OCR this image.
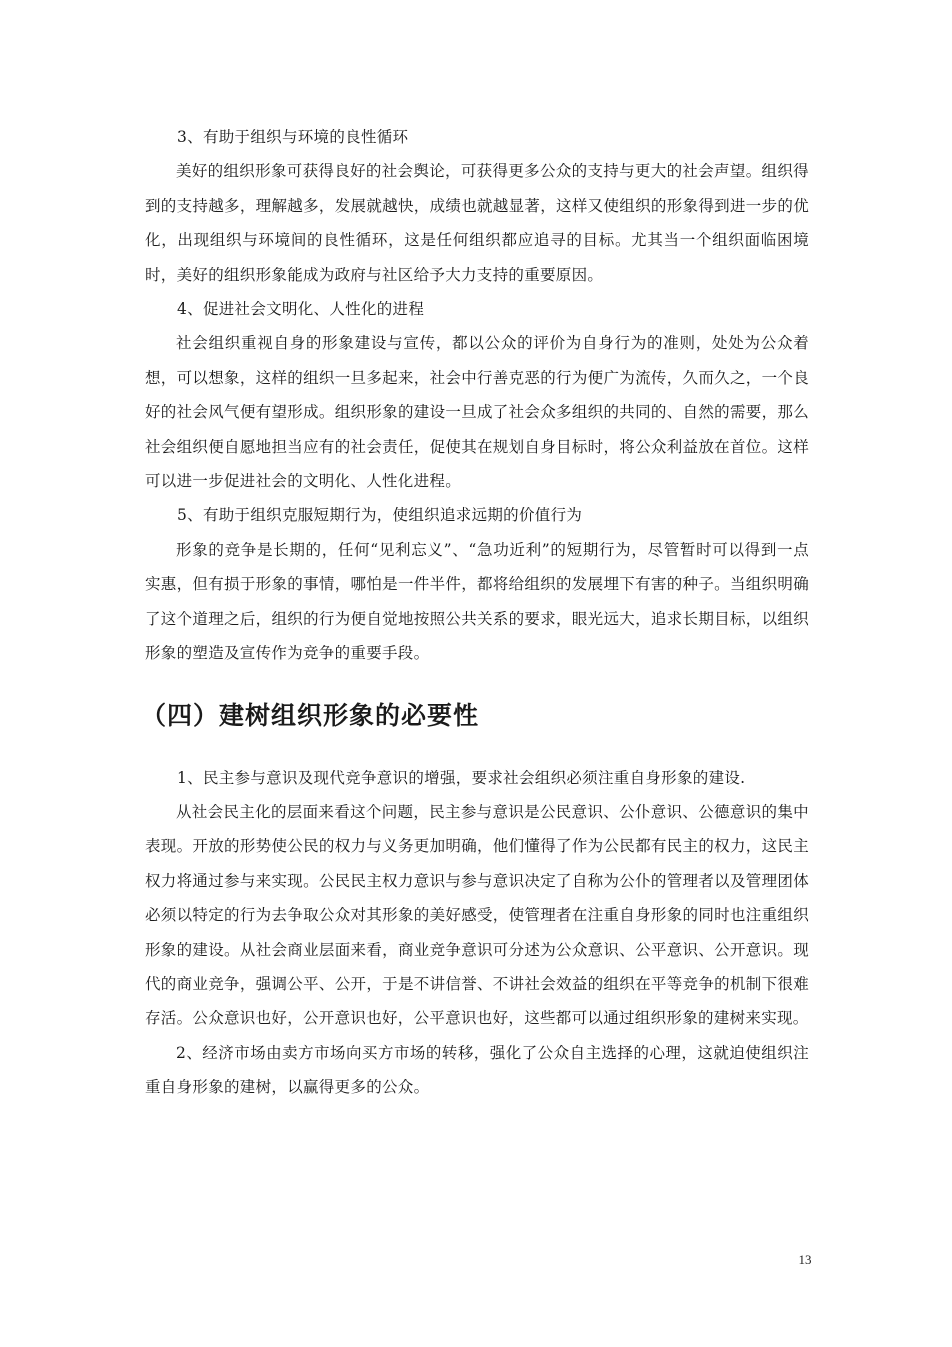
3、有助于组织与环境的良性循环

美好的组织形象可获得良好的社会舆论，可获得更多公众的支持与更大的社会声望。组织得到的支持越多，理解越多，发展就越快，成绩也就越显著，这样又使组织的形象得到进一步的优化，出现组织与环境间的良性循环，这是任何组织都应追寻的目标。尤其当一个组织面临困境时，美好的组织形象能成为政府与社区给予大力支持的重要原因。

4、促进社会文明化、人性化的进程

社会组织重视自身的形象建设与宣传，都以公众的评价为自身行为的准则，处处为公众着想，可以想象，这样的组织一旦多起来，社会中行善克恶的行为便广为流传，久而久之，一个良好的社会风气便有望形成。组织形象的建设一旦成了社会众多组织的共同的、自然的需要，那么社会组织便自愿地担当应有的社会责任，促使其在规划自身目标时，将公众利益放在首位。这样可以进一步促进社会的文明化、人性化进程。

5、有助于组织克服短期行为，使组织追求远期的价值行为

形象的竞争是长期的，任何“见利忘义”、“急功近利”的短期行为，尽管暂时可以得到一点实惠，但有损于形象的事情，哪怕是一件半件，都将给组织的发展埋下有害的种子。当组织明确了这个道理之后，组织的行为便自觉地按照公共关系的要求，眼光远大，追求长期目标，以组织形象的塑造及宣传作为竞争的重要手段。

（四）建树组织形象的必要性

1、民主参与意识及现代竞争意识的增强，要求社会组织必须注重自身形象的建设.

从社会民主化的层面来看这个问题，民主参与意识是公民意识、公仆意识、公德意识的集中表现。开放的形势使公民的权力与义务更加明确，他们懂得了作为公民都有民主的权力，这民主权力将通过参与来实现。公民民主权力意识与参与意识决定了自称为公仆的管理者以及管理团体必须以特定的行为去争取公众对其形象的美好感受，使管理者在注重自身形象的同时也注重组织形象的建设。从社会商业层面来看，商业竞争意识可分述为公众意识、公平意识、公开意识。现代的商业竞争，强调公平、公开，于是不讲信誉、不讲社会效益的组织在平等竞争的机制下很难存活。公众意识也好，公开意识也好，公平意识也好，这些都可以通过组织形象的建树来实现。

2、经济市场由卖方市场向买方市场的转移，强化了公众自主选择的心理，这就迫使组织注重自身形象的建树，以赢得更多的公众。

13
